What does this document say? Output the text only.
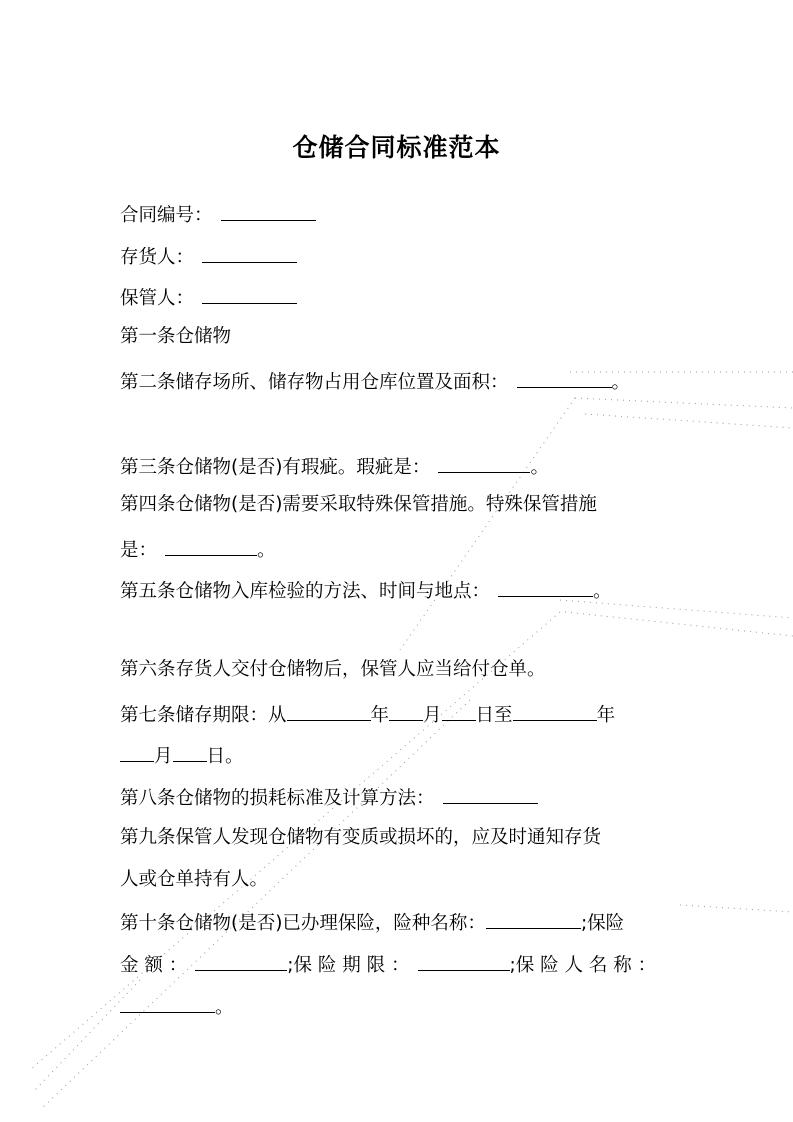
仓储合同标准范本
合同编号：
存货人：
保管人：
第一条仓储物
第二条储存场所、储存物占用仓库位置及面积：	。
第三条仓储物(是否)有瑕疵。瑕疵是：	。
第四条仓储物(是否)需要采取特殊保管措施。特殊保管措施
是：	。
第五条仓储物入库检验的方法、时间与地点：	。
第六条存货人交付仓储物后，保管人应当给付仓单。
第七条储存期限：从	年 月 日至	年
月 日。
第八条仓储物的损耗标准及计算方法：
第九条保管人发现仓储物有变质或损坏的，应及时通知存货
人或仓单持有人。
第十条仓储物(是否)已办理保险，险种名称：	;保险
金 额 ：	;保 险 期 限 ：	;保 险 人 名 称 ：
。
